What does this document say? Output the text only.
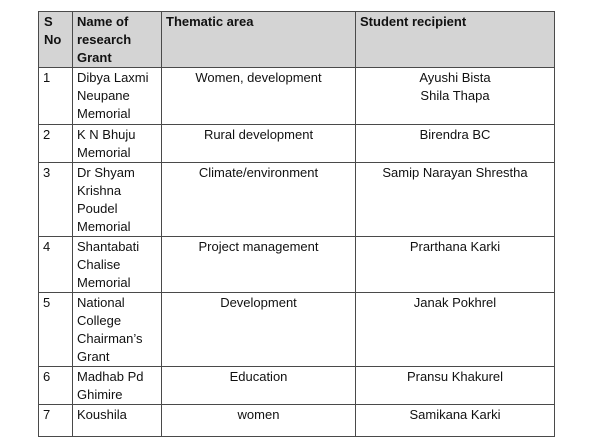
S No	Name of research Grant	Thematic area	Student recipient
1	Dibya Laxmi Neupane Memorial	Women, development	Ayushi Bista
Shila Thapa

2	K N Bhuju Memorial	Rural development	Birendra BC

3	Dr Shyam Krishna Poudel Memorial	Climate/environment	Samip Narayan Shrestha

4	Shantabati Chalise Memorial	Project management	Prarthana Karki

5	National College Chairman’s Grant	Development	Janak Pokhrel

6	Madhab Pd Ghimire	Education	Pransu Khakurel

7	Koushila	women	Samikana Karki
